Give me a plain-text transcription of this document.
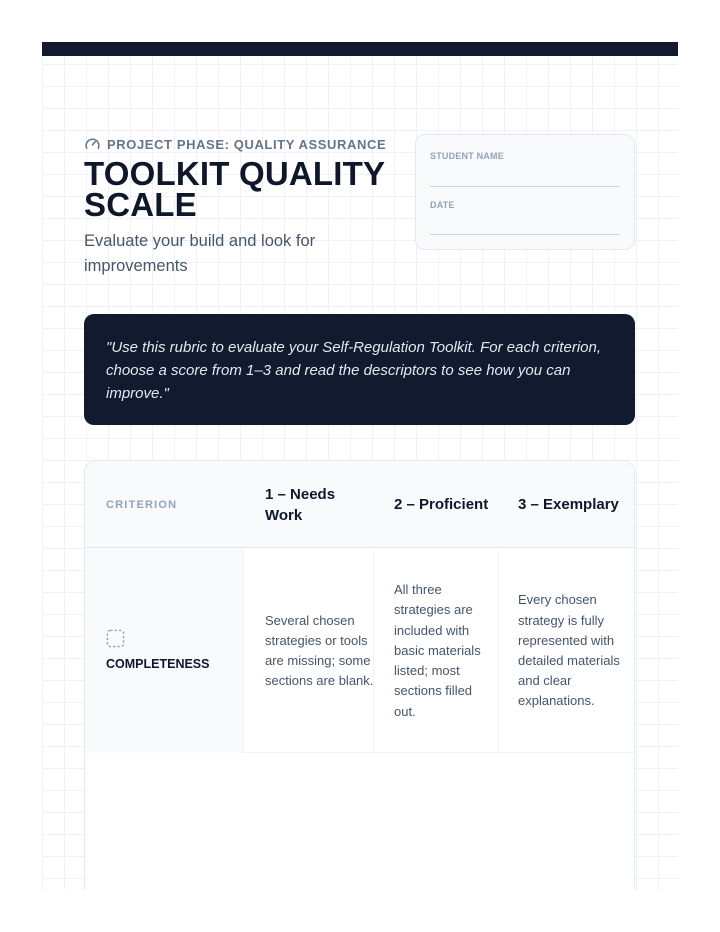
PROJECT PHASE: QUALITY ASSURANCE
TOOLKIT QUALITY SCALE

Evaluate your build and look for improvements

STUDENT NAME
DATE

"Use this rubric to evaluate your Self-Regulation Toolkit. For each criterion, choose a score from 1–3 and read the descriptors to see how you can improve."

CRITERION
1 – Needs Work
2 – Proficient 3 – Exemplary
COMPLETENESS
Several chosen strategies or tools are missing; some sections are blank.
All three strategies are included with basic materials listed; most sections filled out.
Every chosen strategy is fully represented with detailed materials and clear explanations.
